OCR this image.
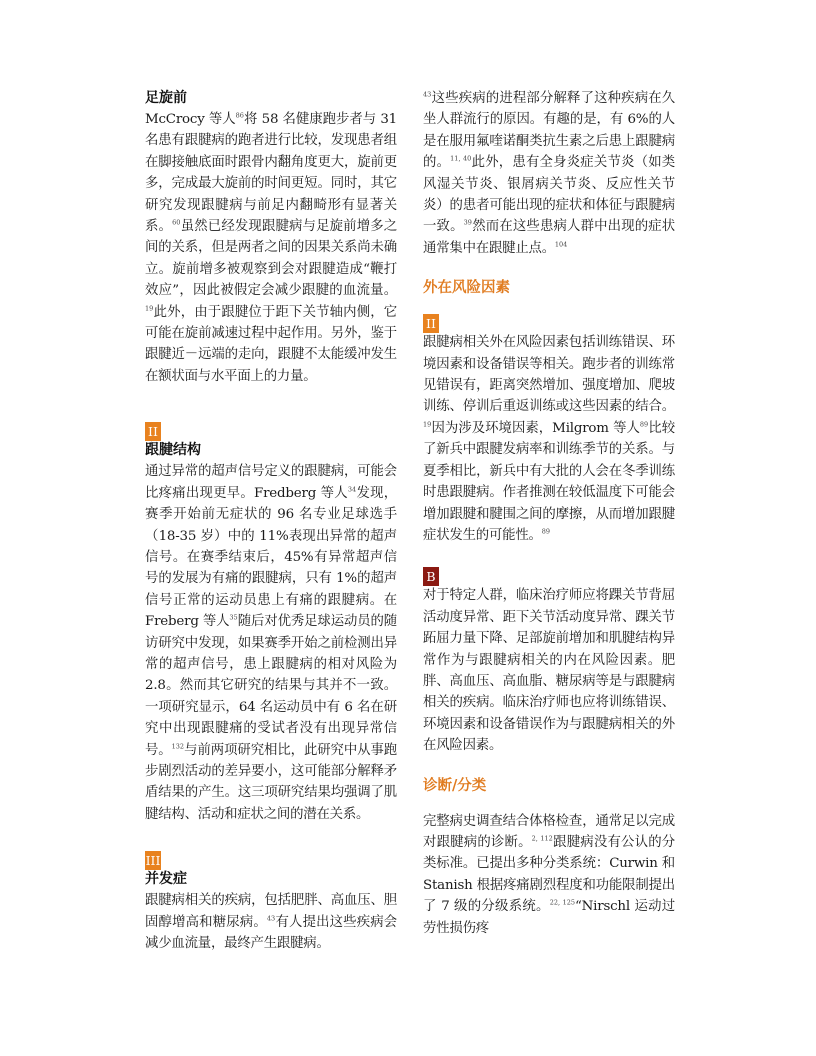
足旋前

McCrocy 等人$^{86}$将 58 名健康跑步者与 31 名患有跟腱病的跑者进行比较，发现患者组在脚接触底面时跟骨内翻角度更大，旋前更多，完成最大旋前的时间更短。同时，其它研究发现跟腱病与前足内翻畸形有显著关系。$^{60}$虽然已经发现跟腱病与足旋前增多之间的关系，但是两者之间的因果关系尚未确立。旋前增多被观察到会对跟腱造成“鞭打效应”，因此被假定会减少跟腱的血流量。$^{19}$此外，由于跟腱位于距下关节轴内侧，它可能在旋前减速过程中起作用。另外，鉴于跟腱近－远端的走向，跟腱不太能缓冲发生在额状面与水平面上的力量。

II
跟腱结构

通过异常的超声信号定义的跟腱病，可能会比疼痛出现更早。Fredberg 等人$^{34}$发现，赛季开始前无症状的 96 名专业足球选手（18-35 岁）中的 11%表现出异常的超声信号。在赛季结束后，45%有异常超声信号的发展为有痛的跟腱病，只有 1%的超声信号正常的运动员患上有痛的跟腱病。在 Freberg 等人$^{35}$随后对优秀足球运动员的随访研究中发现，如果赛季开始之前检测出异常的超声信号，患上跟腱病的相对风险为 2.8。然而其它研究的结果与其并不一致。一项研究显示，64 名运动员中有 6 名在研究中出现跟腱痛的受试者没有出现异常信号。$^{132}$与前两项研究相比，此研究中从事跑步剧烈活动的差异要小，这可能部分解释矛盾结果的产生。这三项研究结果均强调了肌腱结构、活动和症状之间的潜在关系。

III
并发症

跟腱病相关的疾病，包括肥胖、高血压、胆固醇增高和糖尿病。$^{43}$有人提出这些疾病会减少血流量，最终产生跟腱病。

$^{43}$这些疾病的进程部分解释了这种疾病在久坐人群流行的原因。有趣的是，有 6%的人是在服用氟喹诺酮类抗生素之后患上跟腱病的。$^{11, 40}$此外，患有全身炎症关节炎（如类风湿关节炎、银屑病关节炎、反应性关节炎）的患者可能出现的症状和体征与跟腱病一致。$^{39}$然而在这些患病人群中出现的症状通常集中在跟腱止点。$^{104}$

外在风险因素
II

跟腱病相关外在风险因素包括训练错误、环境因素和设备错误等相关。跑步者的训练常见错误有，距离突然增加、强度增加、爬坡训练、停训后重返训练或这些因素的结合。$^{19}$因为涉及环境因素，Milgrom 等人$^{89}$比较了新兵中跟腱发病率和训练季节的关系。与夏季相比，新兵中有大批的人会在冬季训练时患跟腱病。作者推测在较低温度下可能会增加跟腱和腱围之间的摩擦，从而增加跟腱症状发生的可能性。$^{89}$

B

对于特定人群，临床治疗师应将踝关节背屈活动度异常、距下关节活动度异常、踝关节跖屈力量下降、足部旋前增加和肌腱结构异常作为与跟腱病相关的内在风险因素。肥胖、高血压、高血脂、糖尿病等是与跟腱病相关的疾病。临床治疗师也应将训练错误、环境因素和设备错误作为与跟腱病相关的外在风险因素。

诊断/分类

完整病史调查结合体格检查，通常足以完成对跟腱病的诊断。$^{2, 112}$跟腱病没有公认的分类标准。已提出多种分类系统：Curwin 和 Stanish 根据疼痛剧烈程度和功能限制提出了 7 级的分级系统。$^{22, 125}$“Nirschl 运动过劳性损伤疼
